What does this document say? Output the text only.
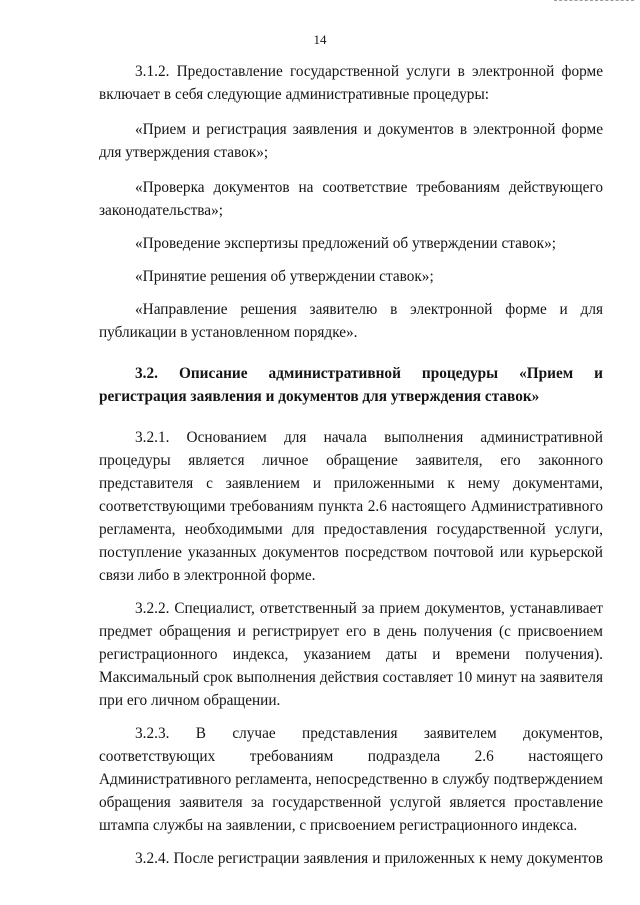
14

3.1.2. Предоставление государственной услуги в электронной форме включает в себя следующие административные процедуры:

«Прием и регистрация заявления и документов в электронной форме для утверждения ставок»;

«Проверка документов на соответствие требованиям действующего законодательства»;

«Проведение экспертизы предложений об утверждении ставок»;

«Принятие решения об утверждении ставок»;

«Направление решения заявителю в электронной форме и для публикации в установленном порядке».

3.2. Описание административной процедуры «Прием и регистрация заявления и документов для утверждения ставок»

3.2.1. Основанием для начала выполнения административной процедуры является личное обращение заявителя, его законного представителя с заявлением и приложенными к нему документами, соответствующими требованиям пункта 2.6 настоящего Административного регламента, необходимыми для предоставления государственной услуги, поступление указанных документов посредством почтовой или курьерской связи либо в электронной форме.

3.2.2. Специалист, ответственный за прием документов, устанавливает предмет обращения и регистрирует его в день получения (с присвоением регистрационного индекса, указанием даты и времени получения). Максимальный срок выполнения действия составляет 10 минут на заявителя при его личном обращении.

3.2.3. В случае представления заявителем документов, соответствующих требованиям подраздела 2.6 настоящего Административного регламента, непосредственно в службу подтверждением обращения заявителя за государственной услугой является проставление штампа службы на заявлении, с присвоением регистрационного индекса.

3.2.4. После регистрации заявления и приложенных к нему документов
